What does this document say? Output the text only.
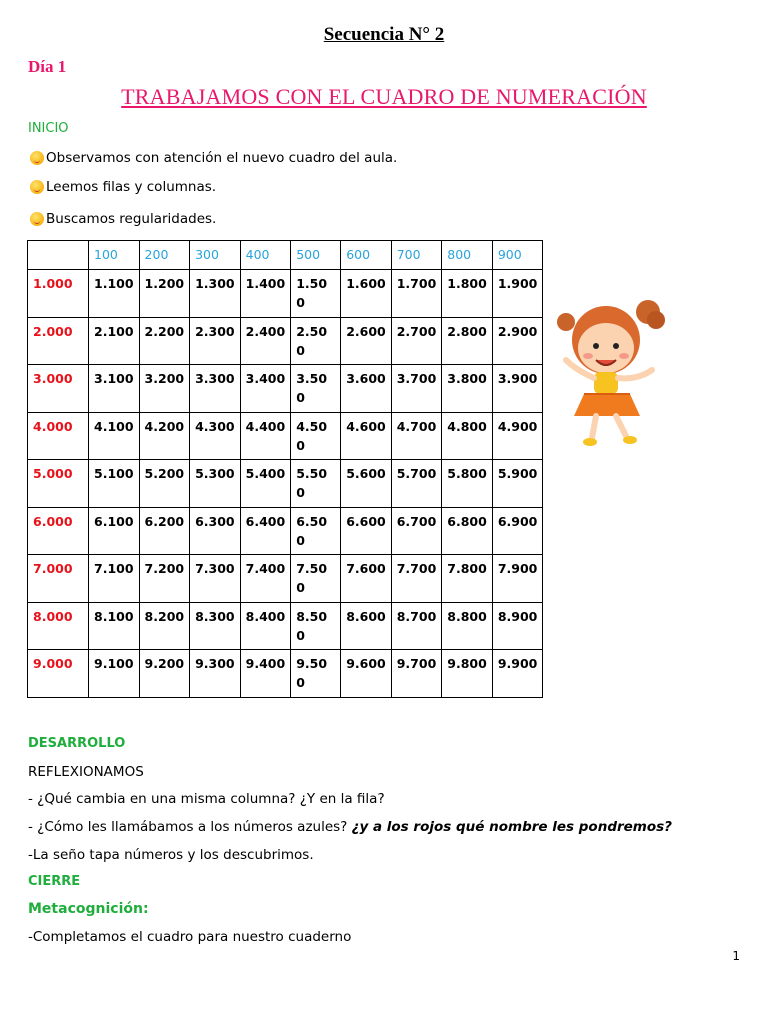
Secuencia N° 2
Día 1
TRABAJAMOS CON EL CUADRO DE NUMERACIÓN
INICIO
Observamos con atención el nuevo cuadro del aula.
Leemos filas y columnas.
Buscamos regularidades.
	100	200	300	400	500	600	700	800	900
1.000	1.100	1.200	1.300	1.400	1.500	1.600	1.700	1.800	1.900
2.000	2.100	2.200	2.300	2.400	2.500	2.600	2.700	2.800	2.900
3.000	3.100	3.200	3.300	3.400	3.500	3.600	3.700	3.800	3.900
4.000	4.100	4.200	4.300	4.400	4.500	4.600	4.700	4.800	4.900
5.000	5.100	5.200	5.300	5.400	5.500	5.600	5.700	5.800	5.900
6.000	6.100	6.200	6.300	6.400	6.500	6.600	6.700	6.800	6.900
7.000	7.100	7.200	7.300	7.400	7.500	7.600	7.700	7.800	7.900
8.000	8.100	8.200	8.300	8.400	8.500	8.600	8.700	8.800	8.900
9.000	9.100	9.200	9.300	9.400	9.500	9.600	9.700	9.800	9.900
DESARROLLO
REFLEXIONAMOS
- ¿Qué cambia en una misma columna? ¿Y en la fila?
- ¿Cómo les llamábamos a los números azules? ¿y a los rojos qué nombre les pondremos?
-La seño tapa números y los descubrimos.
CIERRE
Metacognición:
-Completamos el cuadro para nuestro cuaderno
1
